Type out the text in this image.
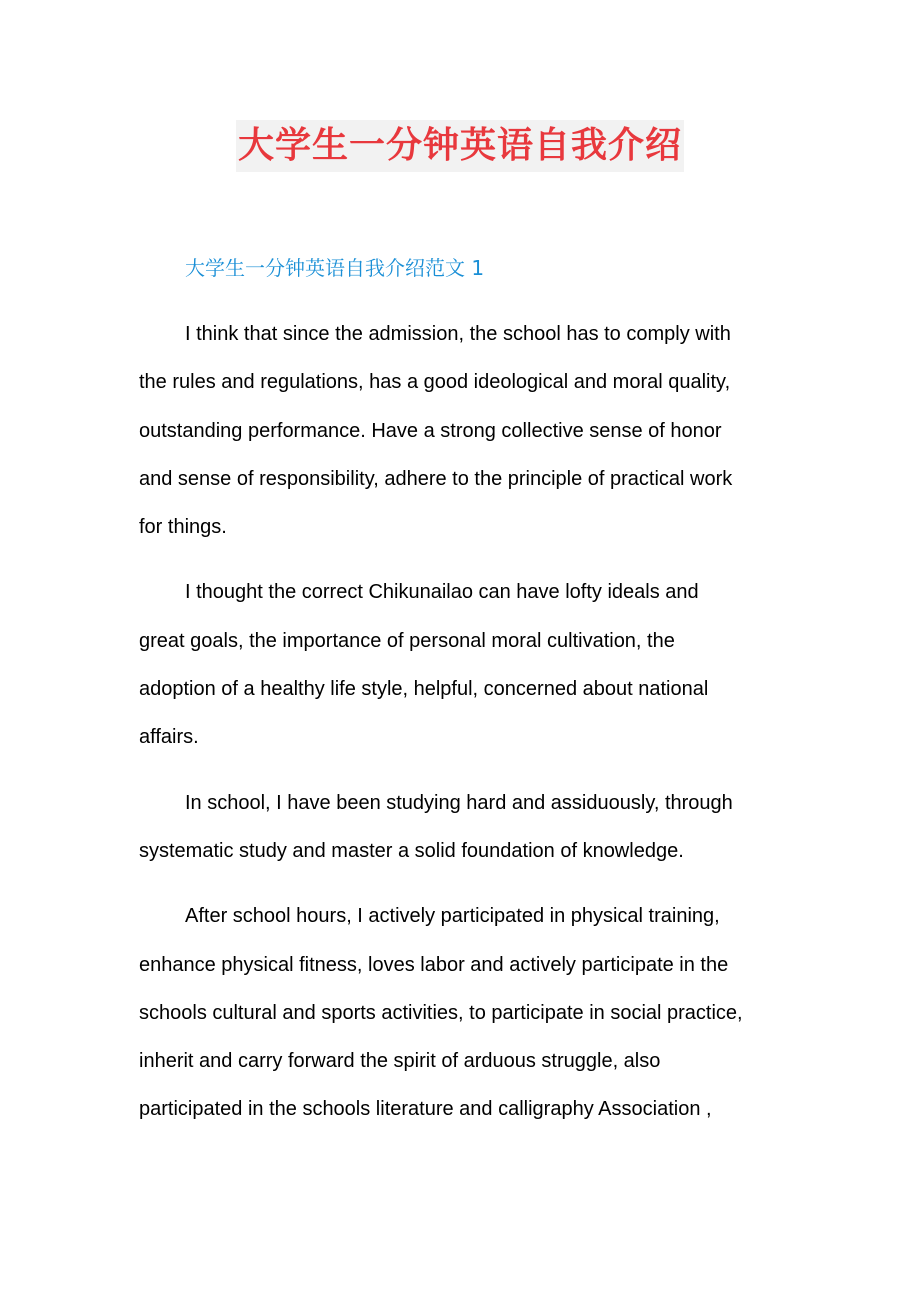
大学生一分钟英语自我介绍
大学生一分钟英语自我介绍范文 1

I think that since the admission, the school has to comply with
the rules and regulations, has a good ideological and moral quality,
outstanding performance. Have a strong collective sense of honor
and sense of responsibility, adhere to the principle of practical work
for things.

I thought the correct Chikunailao can have lofty ideals and
great goals, the importance of personal moral cultivation, the
adoption of a healthy life style, helpful, concerned about national
affairs.

In school, I have been studying hard and assiduously, through
systematic study and master a solid foundation of knowledge.

After school hours, I actively participated in physical training,
enhance physical fitness, loves labor and actively participate in the
schools cultural and sports activities, to participate in social practice,
inherit and carry forward the spirit of arduous struggle, also
participated in the schools literature and calligraphy Association ,
